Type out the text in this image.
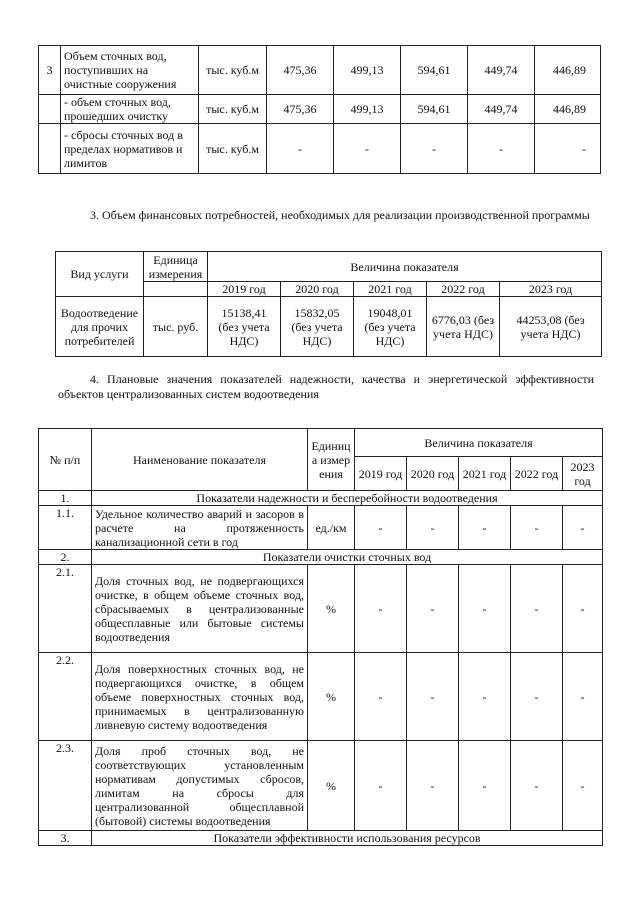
3	Объем сточных вод, поступивших на очистные сооружения	тыс. куб.м	475,36	499,13	594,61	449,74	446,89
	- объем сточных вод, прошедших очистку	тыс. куб.м	475,36	499,13	594,61	449,74	446,89
	- сбросы сточных вод в пределах нормативов и лимитов	тыс. куб.м	-	-	-	-	-
3. Объем финансовых потребностей, необходимых для реализации производственной программы
Вид услуги	Единица измерения	Величина показателя				
		2019 год	2020 год	2021 год	2022 год	2023 год
Водоотведение для прочих потребителей	тыс. руб.	15138,41 (без учета НДС)	15832,05 (без учета НДС)	19048,01 (без учета НДС)	6776,03 (без учета НДС)	44253,08 (без учета НДС)
4. Плановые значения показателей надежности, качества и энергетической эффективности объектов централизованных систем водоотведения
№ п/п	Наименование показателя	Единица измерения	Величина показателя				
			2019 год	2020 год	2021 год	2022 год	2023 год
1.	Показатели надежности и бесперебойности водоотведения						
1.1.	Удельное количество аварий и засоров в расчете на протяженность канализационной сети в год	ед./км	-	-	-	-	-
2.	Показатели очистки сточных вод						
2.1.	Доля сточных вод, не подвергающихся очистке, в общем объеме сточных вод, сбрасываемых в централизованные общесплавные или бытовые системы водоотведения	%	-	-	-	-	-
2.2.	Доля поверхностных сточных вод, не подвергающихся очистке, в общем объеме поверхностных сточных вод, принимаемых в централизованную ливневую систему водоотведения	%	-	-	-	-	-
2.3.	Доля проб сточных вод, не соответствующих установленным нормативам допустимых сбросов, лимитам на сбросы для централизованной общесплавной (бытовой) системы водоотведения	%	-	-	-	-	-
3.	Показатели эффективности использования ресурсов						
